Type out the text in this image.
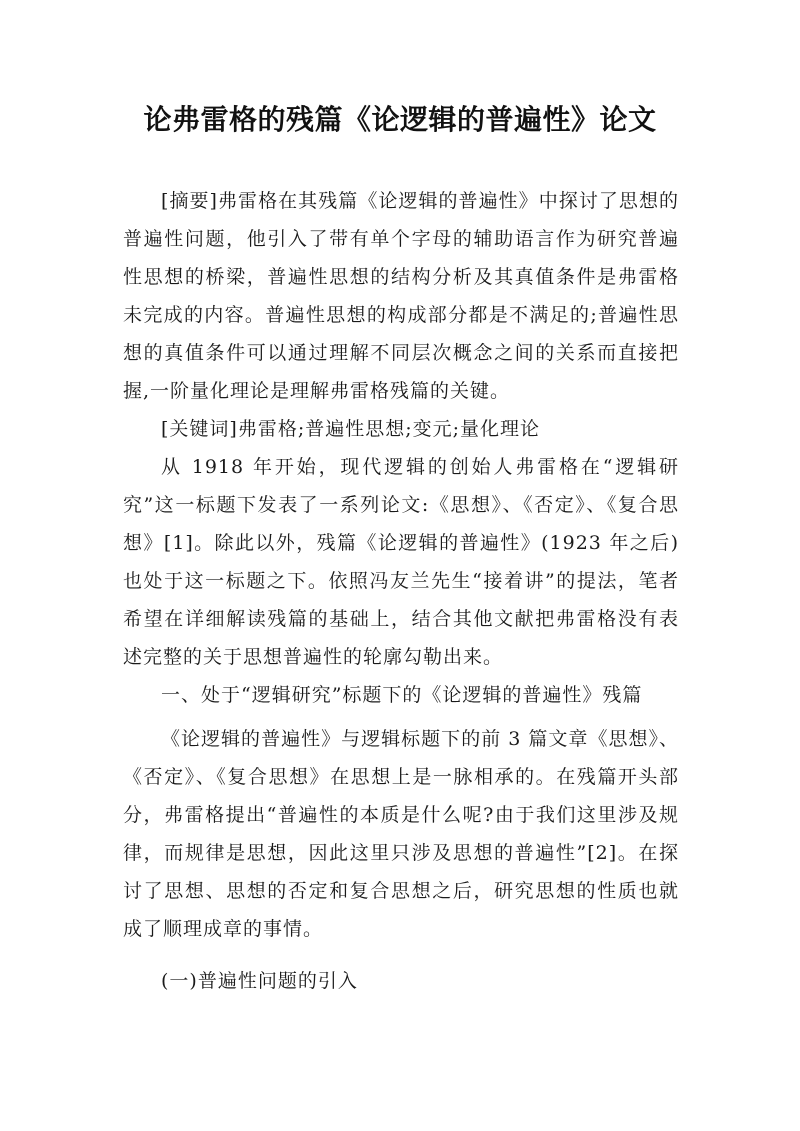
论弗雷格的残篇《论逻辑的普遍性》论文

[摘要]弗雷格在其残篇《论逻辑的普遍性》中探讨了思想的普遍性问题，他引入了带有单个字母的辅助语言作为研究普遍性思想的桥梁，普遍性思想的结构分析及其真值条件是弗雷格未完成的内容。普遍性思想的构成部分都是不满足的;普遍性思想的真值条件可以通过理解不同层次概念之间的关系而直接把握,一阶量化理论是理解弗雷格残篇的关键。

[关键词]弗雷格;普遍性思想;变元;量化理论

从 1918 年开始，现代逻辑的创始人弗雷格在“逻辑研究”这一标题下发表了一系列论文:《思想》、《否定》、《复合思想》[1]。除此以外，残篇《论逻辑的普遍性》(1923 年之后)也处于这一标题之下。依照冯友兰先生“接着讲”的提法，笔者希望在详细解读残篇的基础上，结合其他文献把弗雷格没有表述完整的关于思想普遍性的轮廓勾勒出来。

一、处于“逻辑研究”标题下的《论逻辑的普遍性》残篇

《论逻辑的普遍性》与逻辑标题下的前 3 篇文章《思想》、《否定》、《复合思想》在思想上是一脉相承的。在残篇开头部分，弗雷格提出“普遍性的本质是什么呢?由于我们这里涉及规律，而规律是思想，因此这里只涉及思想的普遍性”[2]。在探讨了思想、思想的否定和复合思想之后，研究思想的性质也就成了顺理成章的事情。

(一)普遍性问题的引入
